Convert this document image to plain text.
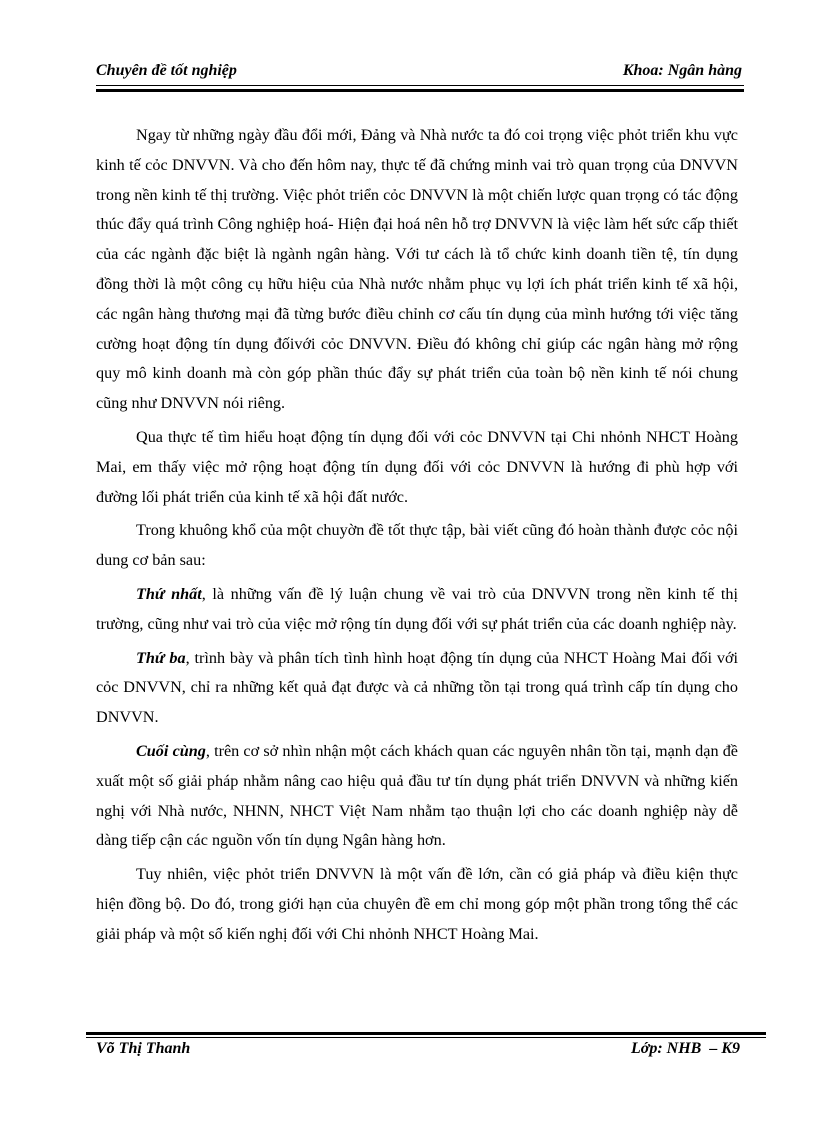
Chuyên đề tốt nghiệp	Khoa: Ngân hàng

Ngay từ những ngày đầu đổi mới, Đảng và Nhà nước ta đó coi trọng việc phỏt triển khu vực kinh tế cỏc DNVVN. Và cho đến hôm nay, thực tế đã chứng minh vai trò quan trọng của DNVVN trong nền kinh tế thị trường. Việc phỏt triển cỏc DNVVN là một chiến lược quan trọng có tác động thúc đẩy quá trình Công nghiệp hoá- Hiện đại hoá nên hỗ trợ DNVVN là việc làm hết sức cấp thiết của các ngành đặc biệt là ngành ngân hàng. Với tư cách là tổ chức kinh doanh tiền tệ, tín dụng đồng thời là một công cụ hữu hiệu của Nhà nước nhằm phục vụ lợi ích phát triển kinh tế xã hội, các ngân hàng thương mại đã từng bước điều chỉnh cơ cấu tín dụng của mình hướng tới việc tăng cường hoạt động tín dụng đốivới cỏc DNVVN. Điều đó không chỉ giúp các ngân hàng mở rộng quy mô kinh doanh mà còn góp phần thúc đẩy sự phát triển của toàn bộ nền kinh tế nói chung cũng như DNVVN nói riêng.

Qua thực tế tìm hiểu hoạt động tín dụng đối với cỏc DNVVN tại Chi nhỏnh NHCT Hoàng Mai, em thấy việc mở rộng hoạt động tín dụng đối với cỏc DNVVN là hướng đi phù hợp với đường lối phát triển của kinh tế xã hội đất nước.

Trong khuông khổ của một chuyờn đề tốt thực tập, bài viết cũng đó hoàn thành được cỏc nội dung cơ bản sau:

Thứ nhất, là những vấn đề lý luận chung về vai trò của DNVVN trong nền kinh tế thị trường, cũng như vai trò của việc mở rộng tín dụng đối với sự phát triển của các doanh nghiệp này.

Thứ ba, trình bày và phân tích tình hình hoạt động tín dụng của NHCT Hoàng Mai đối với cỏc DNVVN, chỉ ra những kết quả đạt được và cả những tồn tại trong quá trình cấp tín dụng cho DNVVN.

Cuối cùng, trên cơ sở nhìn nhận một cách khách quan các nguyên nhân tồn tại, mạnh dạn đề xuất một số giải pháp nhằm nâng cao hiệu quả đầu tư tín dụng phát triển DNVVN và những kiến nghị với Nhà nước, NHNN, NHCT Việt Nam nhằm tạo thuận lợi cho các doanh nghiệp này dễ dàng tiếp cận các nguồn vốn tín dụng Ngân hàng hơn.

Tuy nhiên, việc phỏt triển DNVVN là một vấn đề lớn, cần có giả pháp và điều kiện thực hiện đồng bộ. Do đó, trong giới hạn của chuyên đề em chỉ mong góp một phần trong tổng thể các giải pháp và một số kiến nghị đối với Chi nhỏnh NHCT Hoàng Mai.

Võ Thị Thanh	Lớp: NHB  – K9
